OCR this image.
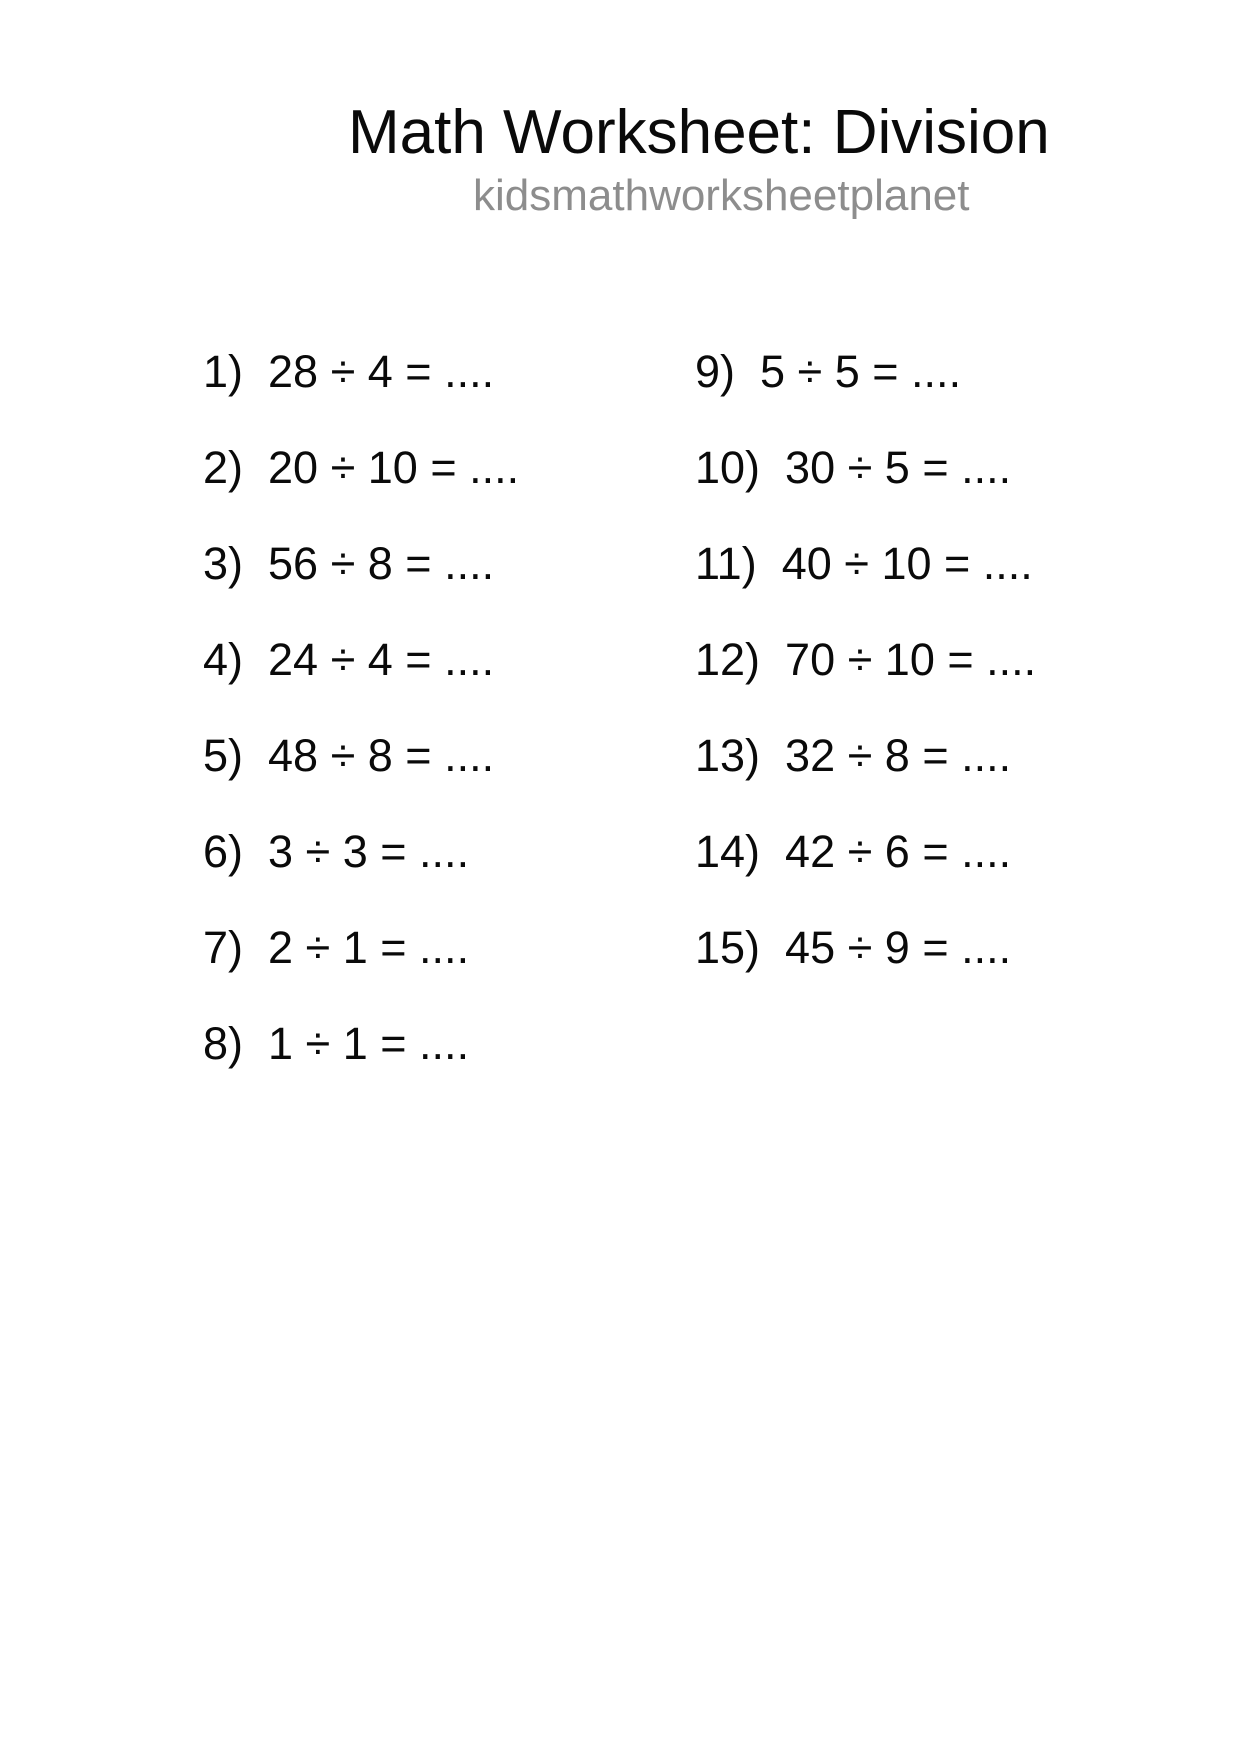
Math Worksheet: Division
kidsmathworksheetplanet
1)  28 ÷ 4 = ....
2)  20 ÷ 10 = ....
3)  56 ÷ 8 = ....
4)  24 ÷ 4 = ....
5)  48 ÷ 8 = ....
6)  3 ÷ 3 = ....
7)  2 ÷ 1 = ....
8)  1 ÷ 1 = ....
9)  5 ÷ 5 = ....
10)  30 ÷ 5 = ....
11)  40 ÷ 10 = ....
12)  70 ÷ 10 = ....
13)  32 ÷ 8 = ....
14)  42 ÷ 6 = ....
15)  45 ÷ 9 = ....
